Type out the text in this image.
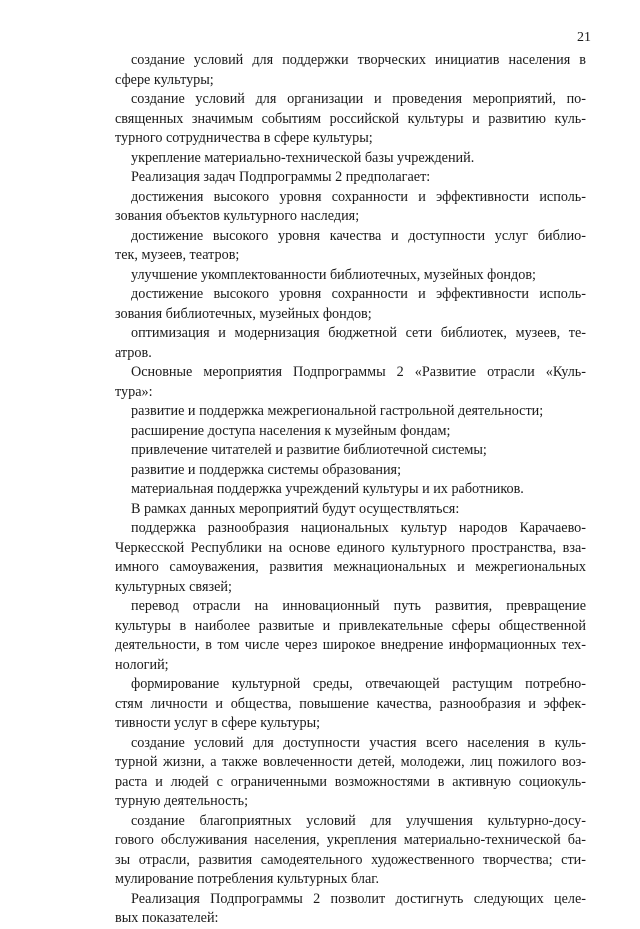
21
создание условий для поддержки творческих инициатив населения в
сфере культуры;
создание условий для организации и проведения мероприятий, по-
священных значимым событиям российской культуры и развитию куль-
турного сотрудничества в сфере культуры;
укрепление материально-технической базы учреждений.
Реализация задач Подпрограммы 2 предполагает:
достижения высокого уровня сохранности и эффективности исполь-
зования объектов культурного наследия;
достижение высокого уровня качества и доступности услуг библио-
тек, музеев, театров;
улучшение укомплектованности библиотечных, музейных фондов;
достижение высокого уровня сохранности и эффективности исполь-
зования библиотечных, музейных фондов;
оптимизация и модернизация бюджетной сети библиотек, музеев, те-
атров.
Основные мероприятия Подпрограммы 2 «Развитие отрасли «Куль-
тура»:
развитие и поддержка межрегиональной гастрольной деятельности;
расширение доступа населения к музейным фондам;
привлечение читателей и развитие библиотечной системы;
развитие и поддержка системы образования;
материальная поддержка учреждений культуры и их работников.
В рамках данных мероприятий будут осуществляться:
поддержка разнообразия национальных культур народов Карачаево-
Черкесской Республики на основе единого культурного пространства, вза-
имного самоуважения, развития межнациональных и межрегиональных
культурных связей;
перевод отрасли на инновационный путь развития, превращение
культуры в наиболее развитые и привлекательные сферы общественной
деятельности, в том числе через широкое внедрение информационных тех-
нологий;
формирование культурной среды, отвечающей растущим потребно-
стям личности и общества, повышение качества, разнообразия и эффек-
тивности услуг в сфере культуры;
создание условий для доступности участия всего населения в куль-
турной жизни, а также вовлеченности детей, молодежи, лиц пожилого воз-
раста и людей с ограниченными возможностями в активную социокуль-
турную деятельность;
создание благоприятных условий для улучшения культурно-досу-
гового обслуживания населения, укрепления материально-технической ба-
зы отрасли, развития самодеятельного художественного творчества; сти-
мулирование потребления культурных благ.
Реализация Подпрограммы 2 позволит достигнуть следующих целе-
вых показателей:
